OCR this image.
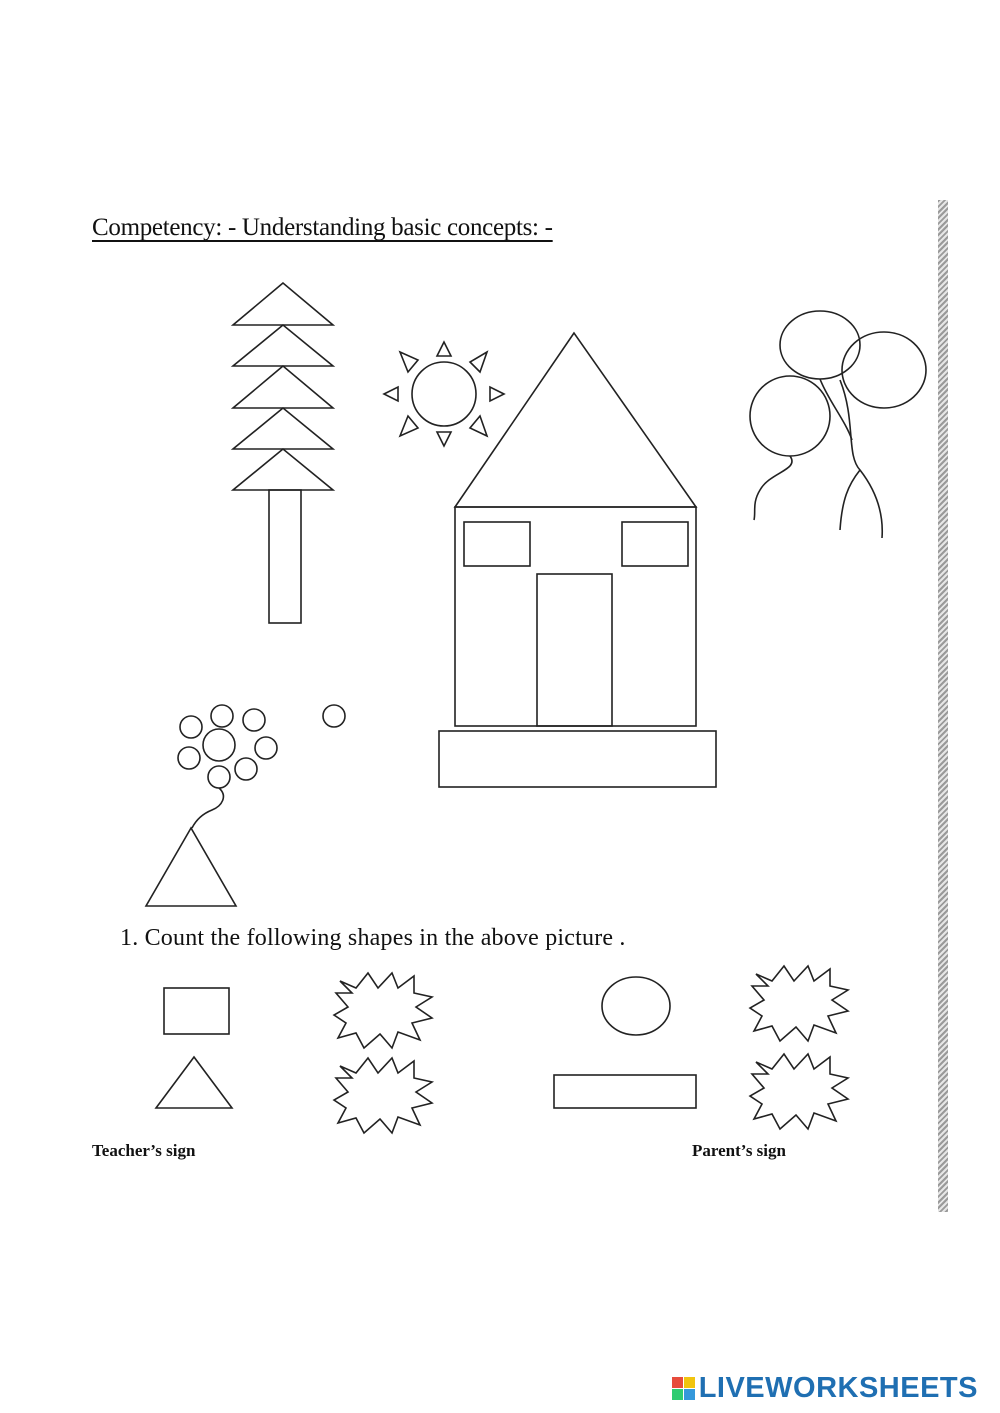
Competency: - Understanding basic concepts: -
1. Count the following shapes in the above picture .
Teacher’s sign	Parent’s sign
LIVEWORKSHEETS
